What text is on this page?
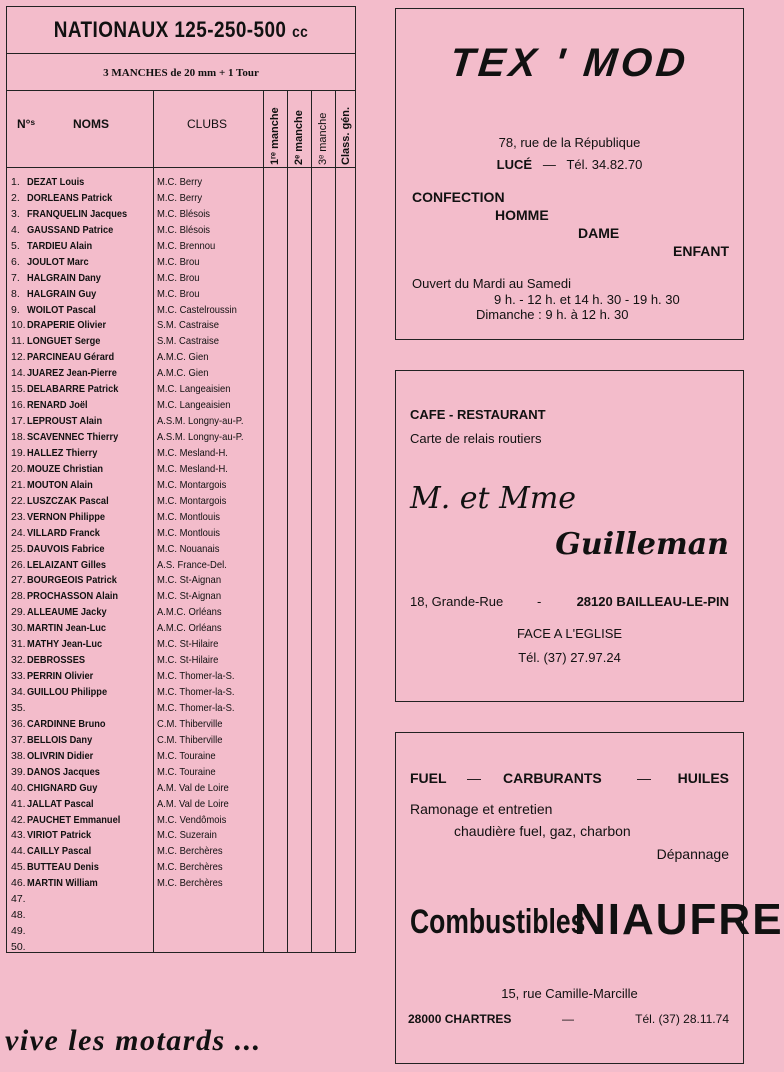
NATIONAUX 125-250-500 cc
3 MANCHES de 20 mm + 1 Tour
N°ˢ	NOMS	CLUBS	1ʳᵉ manche 2ᵉ manche 3ᵉ manche Class. gén.
1. DEZAT Louis	M.C. Berry
2. DORLEANS Patrick	M.C. Berry
3. FRANQUELIN Jacques	M.C. Blésois
4. GAUSSAND Patrice	M.C. Blésois
5. TARDIEU Alain	M.C. Brennou
6. JOULOT Marc	M.C. Brou
7. HALGRAIN Dany	M.C. Brou
8. HALGRAIN Guy	M.C. Brou
9. WOILOT Pascal	M.C. Castelroussin
10. DRAPERIE Olivier	S.M. Castraise
11. LONGUET Serge	S.M. Castraise
12. PARCINEAU Gérard	A.M.C. Gien
14. JUAREZ Jean-Pierre	A.M.C. Gien
15. DELABARRE Patrick	M.C. Langeaisien
16. RENARD Joël	M.C. Langeaisien
17. LEPROUST Alain	A.S.M. Longny-au-P.
18. SCAVENNEC Thierry	A.S.M. Longny-au-P.
19. HALLEZ Thierry	M.C. Mesland-H.
20. MOUZE Christian	M.C. Mesland-H.
21. MOUTON Alain	M.C. Montargois
22. LUSZCZAK Pascal	M.C. Montargois
23. VERNON Philippe	M.C. Montlouis
24. VILLARD Franck	M.C. Montlouis
25. DAUVOIS Fabrice	M.C. Nouanais
26. LELAIZANT Gilles	A.S. France-Del.
27. BOURGEOIS Patrick	M.C. St-Aignan
28. PROCHASSON Alain	M.C. St-Aignan
29. ALLEAUME Jacky	A.M.C. Orléans
30. MARTIN Jean-Luc	A.M.C. Orléans
31. MATHY Jean-Luc	M.C. St-Hilaire
32. DEBROSSES	M.C. St-Hilaire
33. PERRIN Olivier	M.C. Thomer-la-S.
34. GUILLOU Philippe	M.C. Thomer-la-S.
35.	M.C. Thomer-la-S.
36. CARDINNE Bruno	C.M. Thiberville
37. BELLOIS Dany	C.M. Thiberville
38. OLIVRIN Didier	M.C. Touraine
39. DANOS Jacques	M.C. Touraine
40. CHIGNARD Guy	A.M. Val de Loire
41. JALLAT Pascal	A.M. Val de Loire
42. PAUCHET Emmanuel	M.C. Vendômois
43. VIRIOT Patrick	M.C. Suzerain
44. CAILLY Pascal	M.C. Berchères
45. BUTTEAU Denis	M.C. Berchères
46. MARTIN William	M.C. Berchères
47.
48.
49.
50.
vive les motards ...
TEX ' MOD
78, rue de la République
LUCÉ — Tél. 34.82.70
CONFECTION
HOMME
DAME
ENFANT
Ouvert du Mardi au Samedi
9 h. - 12 h. et 14 h. 30 - 19 h. 30
Dimanche : 9 h. à 12 h. 30
CAFE - RESTAURANT
Carte de relais routiers
M. et Mme
Guilleman
18, Grande-Rue	-	28120 BAILLEAU-LE-PIN
FACE A L'EGLISE
Tél. (37) 27.97.24
FUEL — CARBURANTS	— HUILES
Ramonage et entretien
chaudière fuel, gaz, charbon
Dépannage
Combustibles
NIAUFRE
15, rue Camille-Marcille
28000 CHARTRES	—	Tél. (37) 28.11.74
